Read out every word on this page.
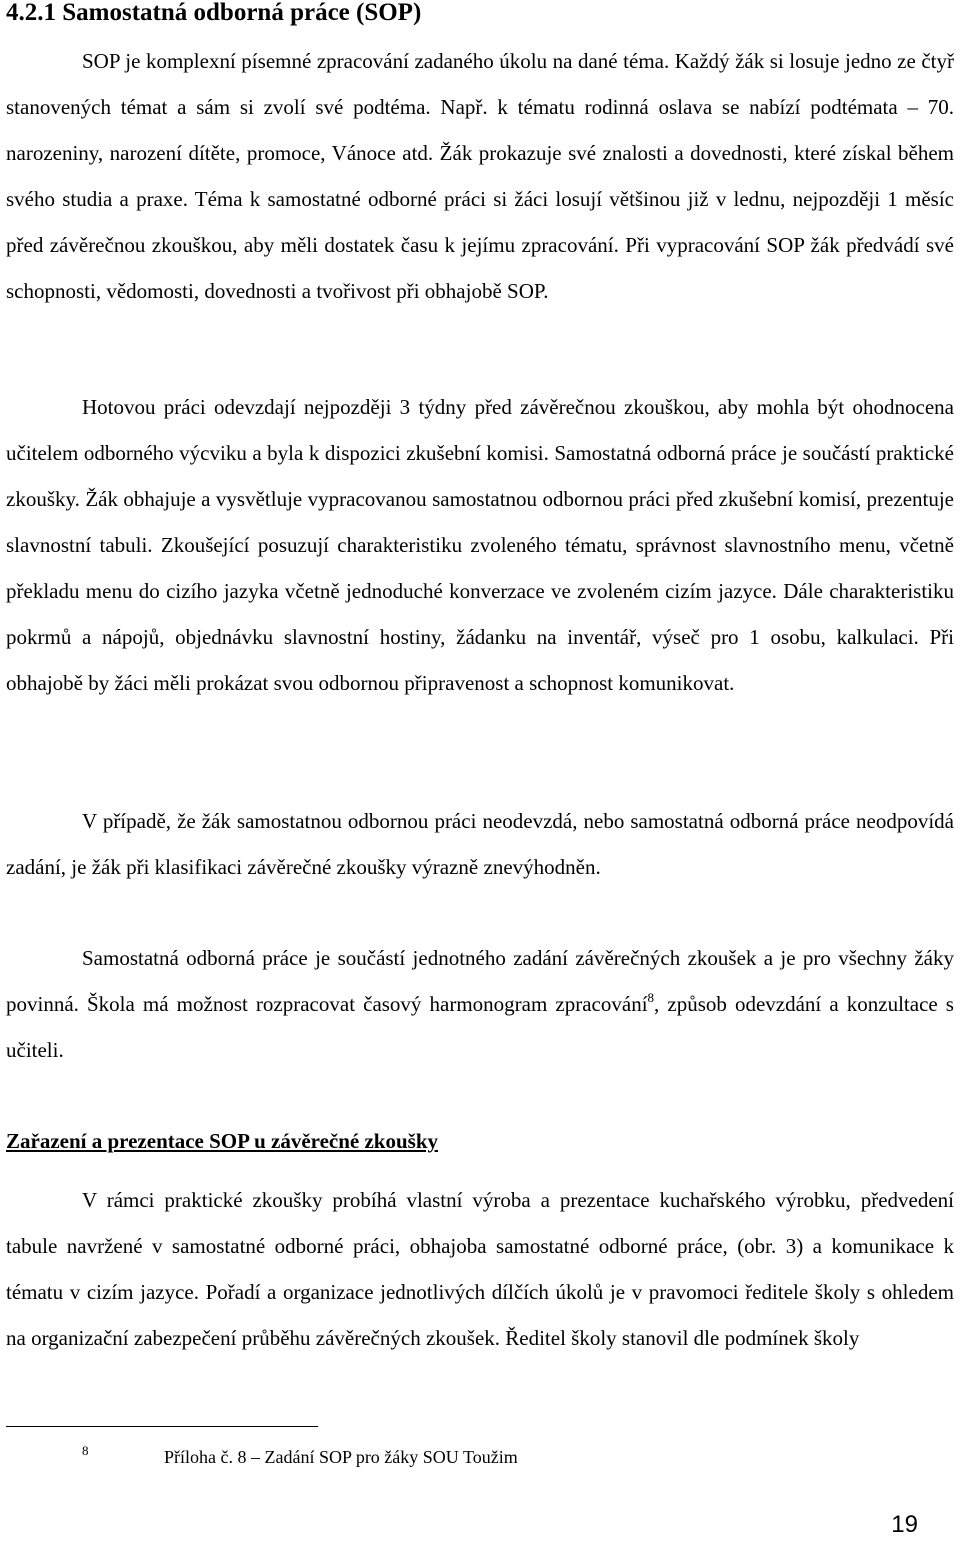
4.2.1 Samostatná odborná práce (SOP)

SOP je komplexní písemné zpracování zadaného úkolu na dané téma. Každý žák si losuje jedno ze čtyř stanovených témat a sám si zvolí své podtéma. Např. k tématu rodinná oslava se nabízí podtémata – 70. narozeniny, narození dítěte, promoce, Vánoce atd. Žák prokazuje své znalosti a dovednosti, které získal během svého studia a praxe. Téma k samostatné odborné práci si žáci losují většinou již v lednu, nejpozději 1 měsíc před závěrečnou zkouškou, aby měli dostatek času k jejímu zpracování. Při vypracování SOP žák předvádí své schopnosti, vědomosti, dovednosti a tvořivost při obhajobě SOP.

Hotovou práci odevzdají nejpozději 3 týdny před závěrečnou zkouškou, aby mohla být ohodnocena učitelem odborného výcviku a byla k dispozici zkušební komisi. Samostatná odborná práce je součástí praktické zkoušky. Žák obhajuje a vysvětluje vypracovanou samostatnou odbornou práci před zkušební komisí, prezentuje slavnostní tabuli. Zkoušející posuzují charakteristiku zvoleného tématu, správnost slavnostního menu, včetně překladu menu do cizího jazyka včetně jednoduché konverzace ve zvoleném cizím jazyce. Dále charakteristiku pokrmů a nápojů, objednávku slavnostní hostiny, žádanku na inventář, výseč pro 1 osobu, kalkulaci. Při obhajobě by žáci měli prokázat svou odbornou připravenost a schopnost komunikovat.

V případě, že žák samostatnou odbornou práci neodevzdá, nebo samostatná odborná práce neodpovídá zadání, je žák při klasifikaci závěrečné zkoušky výrazně znevýhodněn.

Samostatná odborná práce je součástí jednotného zadání závěrečných zkoušek a je pro všechny žáky povinná. Škola má možnost rozpracovat časový harmonogram zpracování$^8$, způsob odevzdání a konzultace s učiteli.

Zařazení a prezentace SOP u závěrečné zkoušky

V rámci praktické zkoušky probíhá vlastní výroba a prezentace kuchařského výrobku, předvedení tabule navržené v samostatné odborné práci, obhajoba samostatné odborné práce, (obr. 3) a komunikace k tématu v cizím jazyce. Pořadí a organizace jednotlivých dílčích úkolů je v pravomoci ředitele školy s ohledem na organizační zabezpečení průběhu závěrečných zkoušek. Ředitel školy stanovil dle podmínek školy

8	Příloha č. 8 – Zadání SOP pro žáky SOU Toužim

19
